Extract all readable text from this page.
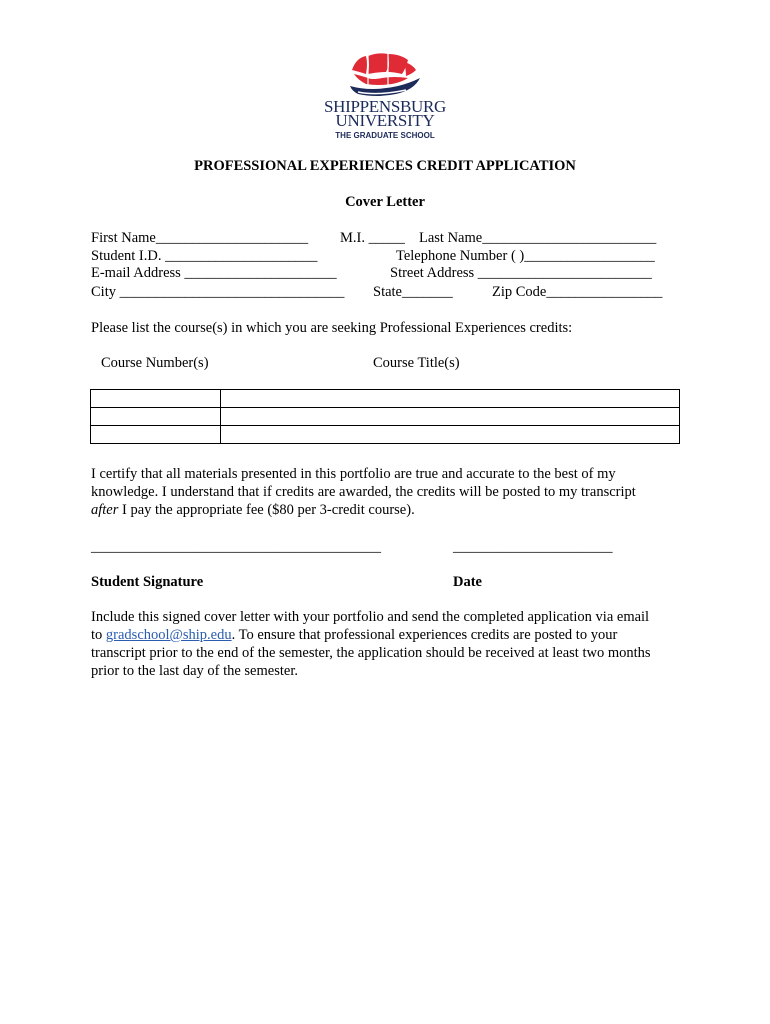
SHIPPENSBURG
UNIVERSITY
THE GRADUATE SCHOOL
PROFESSIONAL EXPERIENCES CREDIT APPLICATION
Cover Letter
First Name_____________________ M.I. _____ Last Name________________________
Student I.D. _____________________	Telephone Number ( )__________________
E-mail Address _____________________	Street Address ________________________
City _______________________________ State_______	Zip Code________________
Please list the course(s) in which you are seeking Professional Experiences credits:
Course Number(s)	Course Title(s)

I certify that all materials presented in this portfolio are true and accurate to the best of my
knowledge. I understand that if credits are awarded, the credits will be posted to my transcript
after I pay the appropriate fee ($80 per 3-credit course).
________________________________________	______________________
Student Signature	Date
Include this signed cover letter with your portfolio and send the completed application via email
to gradschool@ship.edu. To ensure that professional experiences credits are posted to your
transcript prior to the end of the semester, the application should be received at least two months
prior to the last day of the semester.
